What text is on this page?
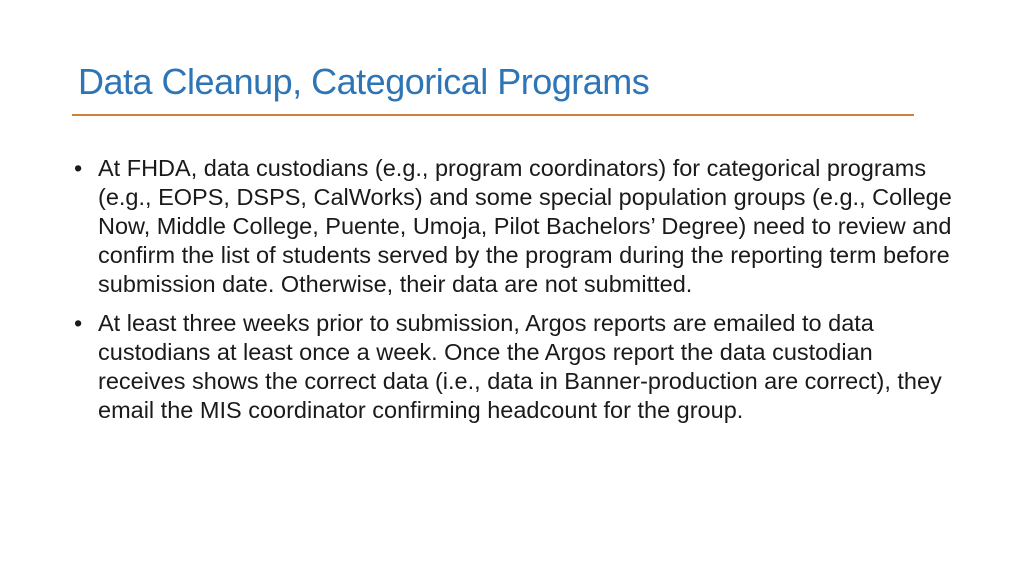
Data Cleanup, Categorical Programs
• At FHDA, data custodians (e.g., program coordinators) for categorical programs (e.g., EOPS, DSPS, CalWorks) and some special population groups (e.g., College Now, Middle College, Puente, Umoja, Pilot Bachelors’ Degree) need to review and confirm the list of students served by the program during the reporting term before submission date. Otherwise, their data are not submitted.
• At least three weeks prior to submission, Argos reports are emailed to data custodians at least once a week. Once the Argos report the data custodian receives shows the correct data (i.e., data in Banner-production are correct), they email the MIS coordinator confirming headcount for the group.
